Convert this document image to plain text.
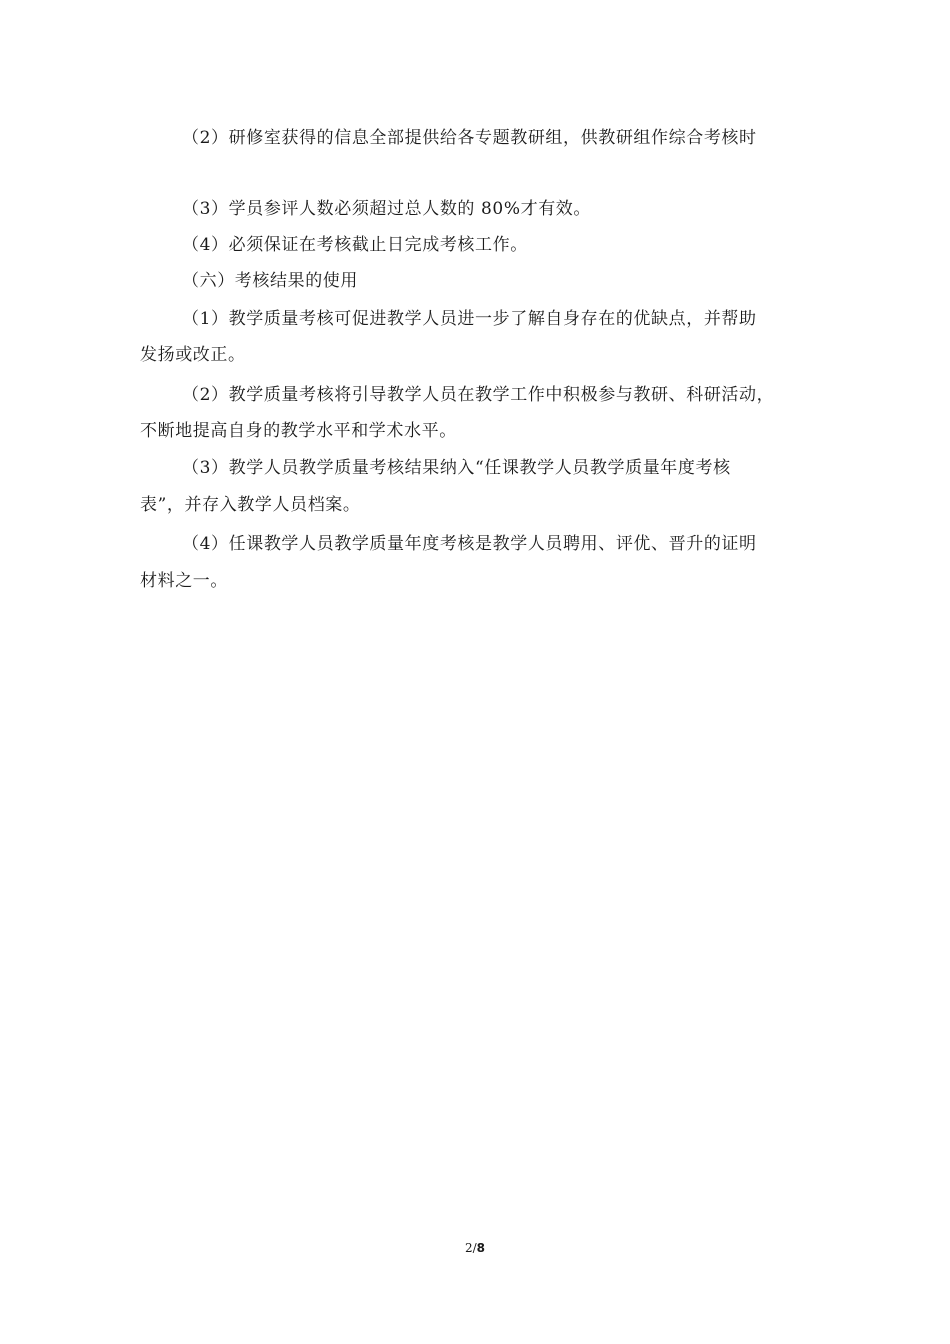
（2）研修室获得的信息全部提供给各专题教研组，供教研组作综合考核时
（3）学员参评人数必须超过总人数的 80%才有效。
（4）必须保证在考核截止日完成考核工作。
（六）考核结果的使用
（1）教学质量考核可促进教学人员进一步了解自身存在的优缺点，并帮助
发扬或改正。
（2）教学质量考核将引导教学人员在教学工作中积极参与教研、科研活动，
不断地提高自身的教学水平和学术水平。
（3）教学人员教学质量考核结果纳入“任课教学人员教学质量年度考核
表”，并存入教学人员档案。
（4）任课教学人员教学质量年度考核是教学人员聘用、评优、晋升的证明
材料之一。
2/8
